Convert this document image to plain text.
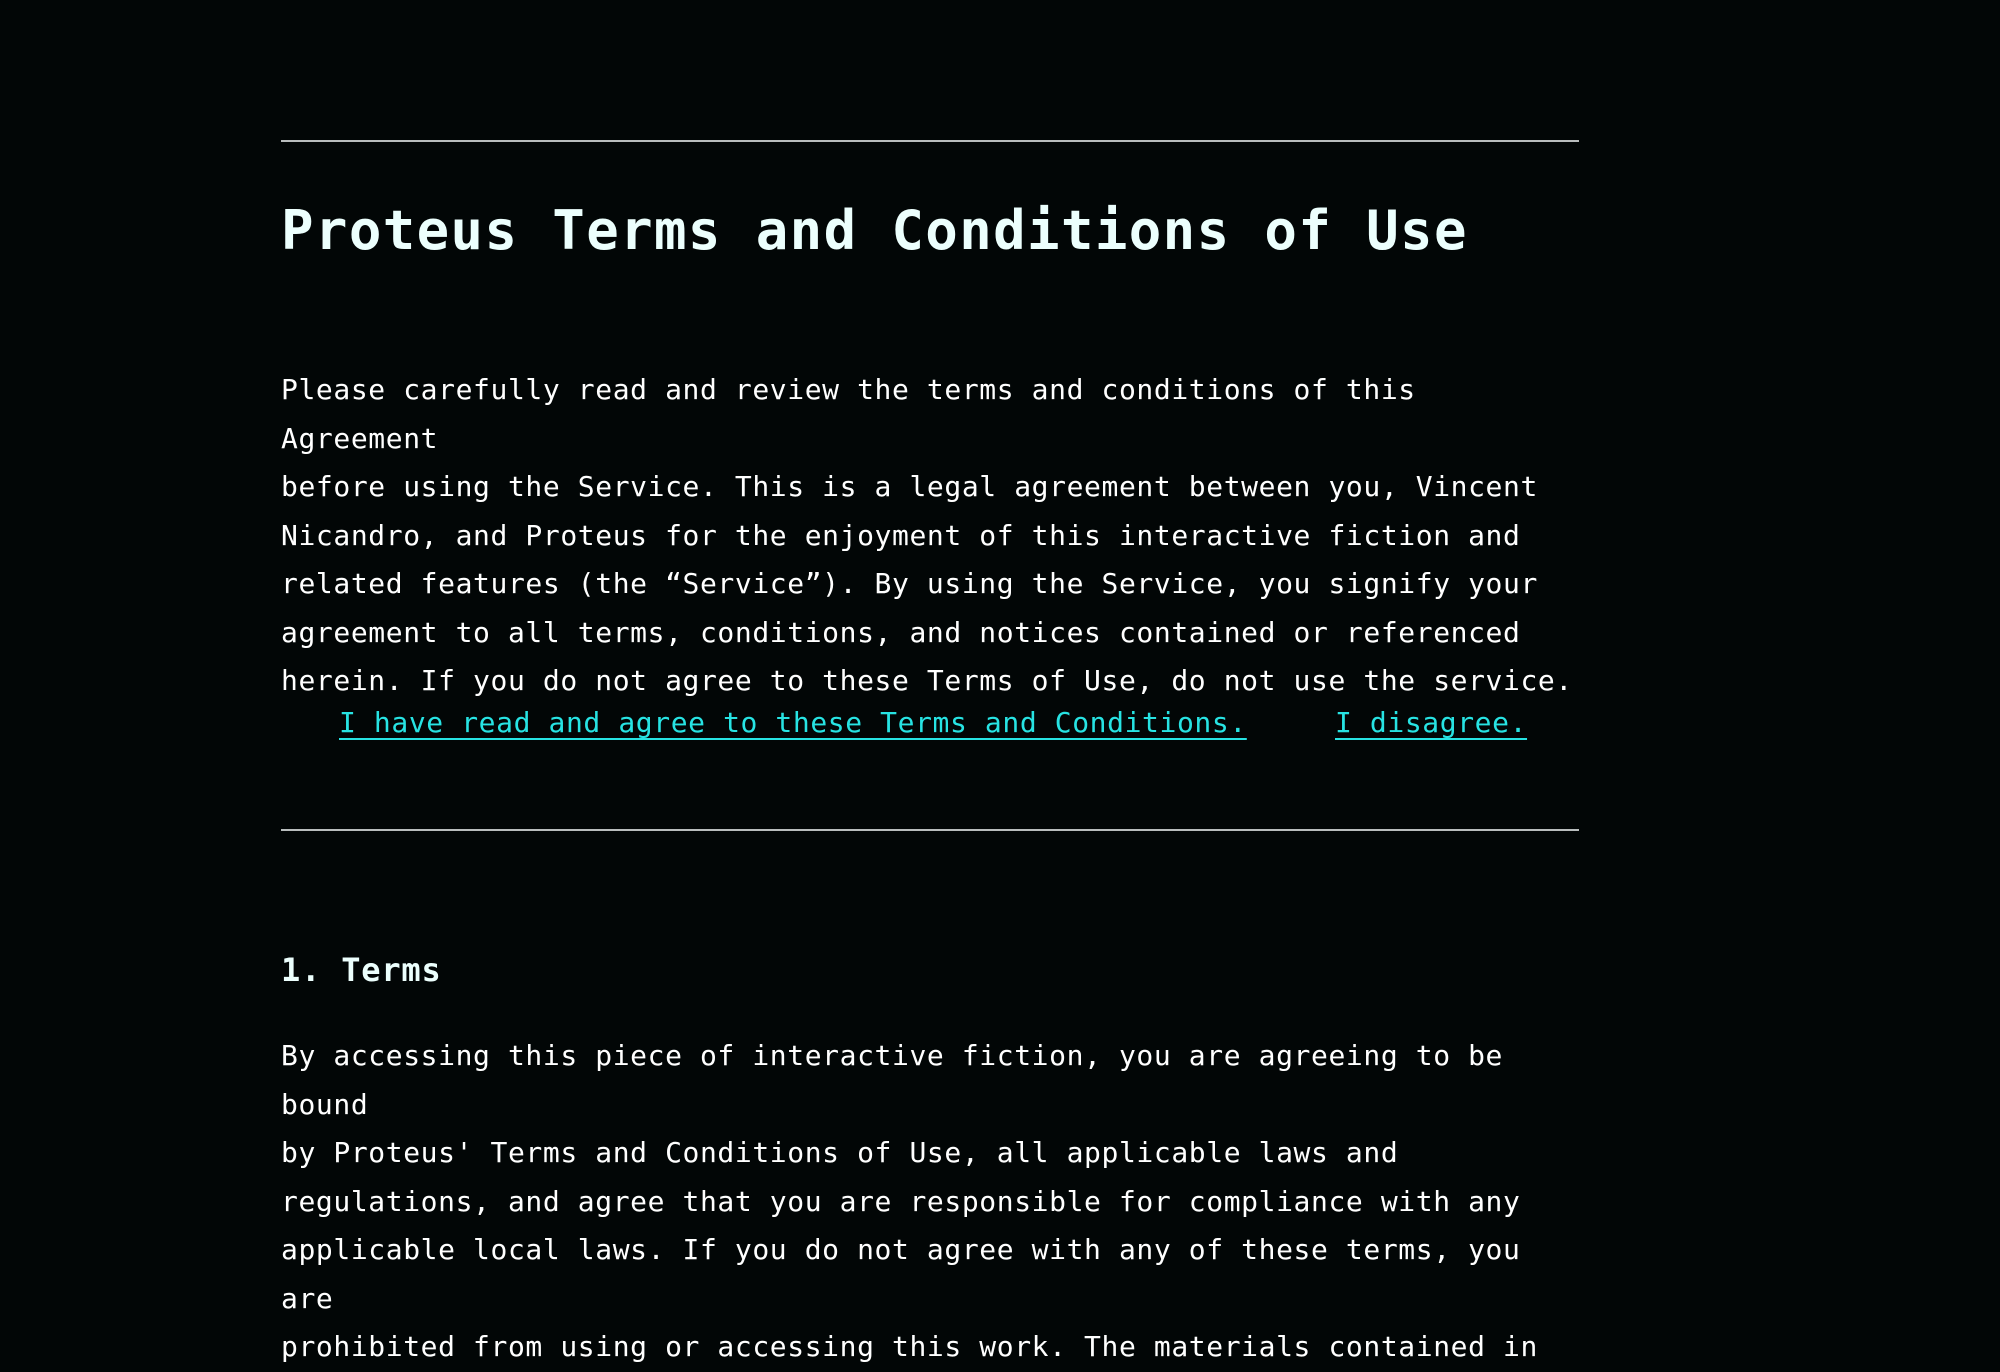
Proteus Terms and Conditions of Use

Please carefully read and review the terms and conditions of this Agreement
before using the Service. This is a legal agreement between you, Vincent
Nicandro, and Proteus for the enjoyment of this interactive fiction and
related features (the “Service”). By using the Service, you signify your
agreement to all terms, conditions, and notices contained or referenced
herein. If you do not agree to these Terms of Use, do not use the service.

I have read and agree to these Terms and Conditions.	I disagree.
1. Terms

By accessing this piece of interactive fiction, you are agreeing to be bound
by Proteus' Terms and Conditions of Use, all applicable laws and
regulations, and agree that you are responsible for compliance with any
applicable local laws. If you do not agree with any of these terms, you are
prohibited from using or accessing this work. The materials contained in
